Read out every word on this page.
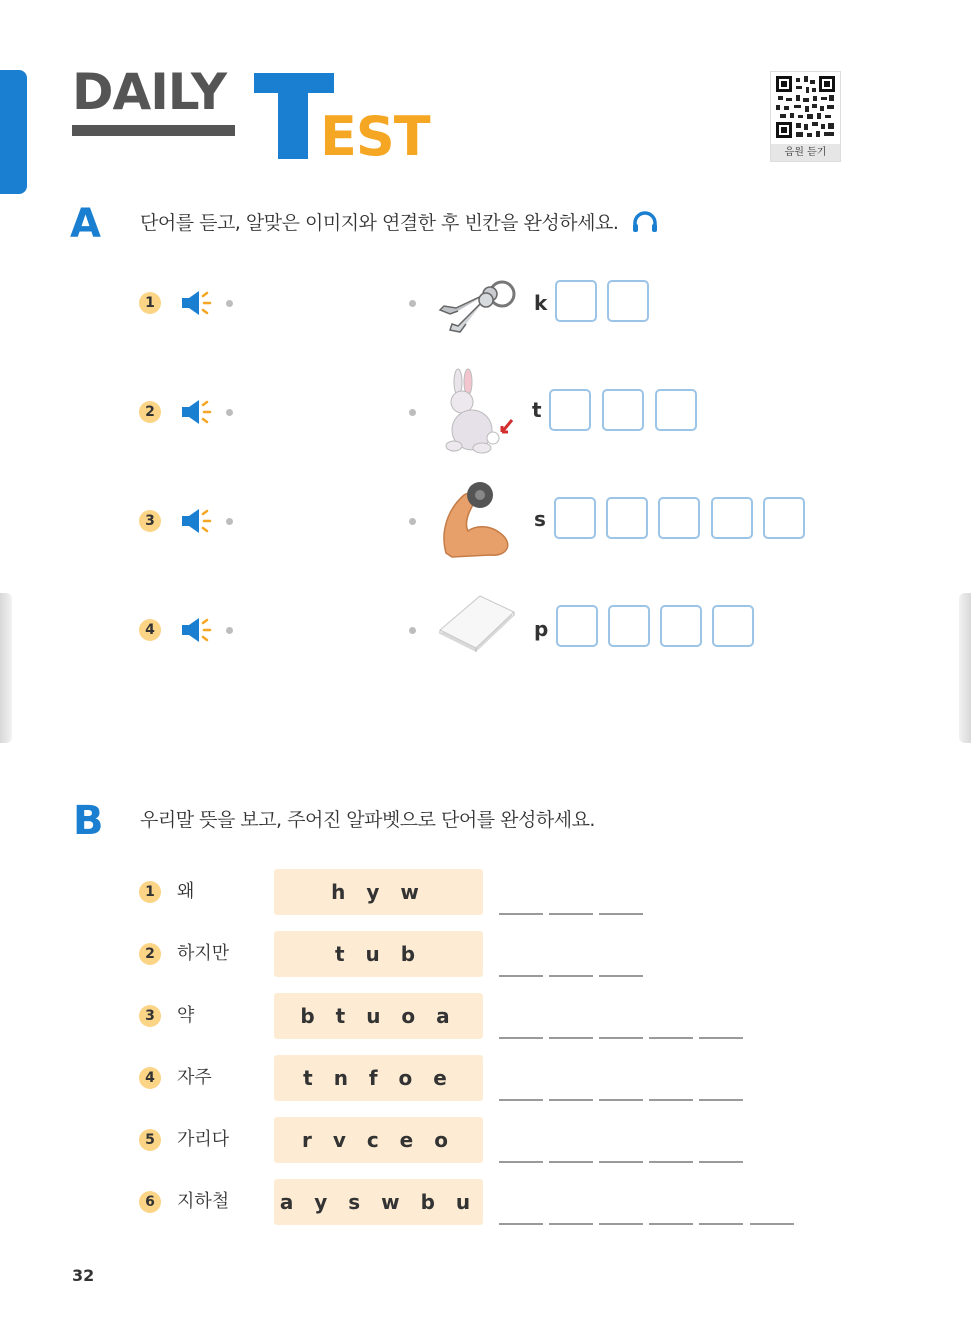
DAILY
EST	음원 듣기
A 단어를 듣고, 알맞은 이미지와 연결한 후 빈칸을 완성하세요.
1	k
2	t
3	s
4	p
B 우리말 뜻을 보고, 주어진 알파벳으로 단어를 완성하세요.
1	왜	h y w
2	하지만	t u b
3	약	b t u o a
4	자주	t n f o e
5	가리다	r v c e o
6	지하철	a y s w b u
32
